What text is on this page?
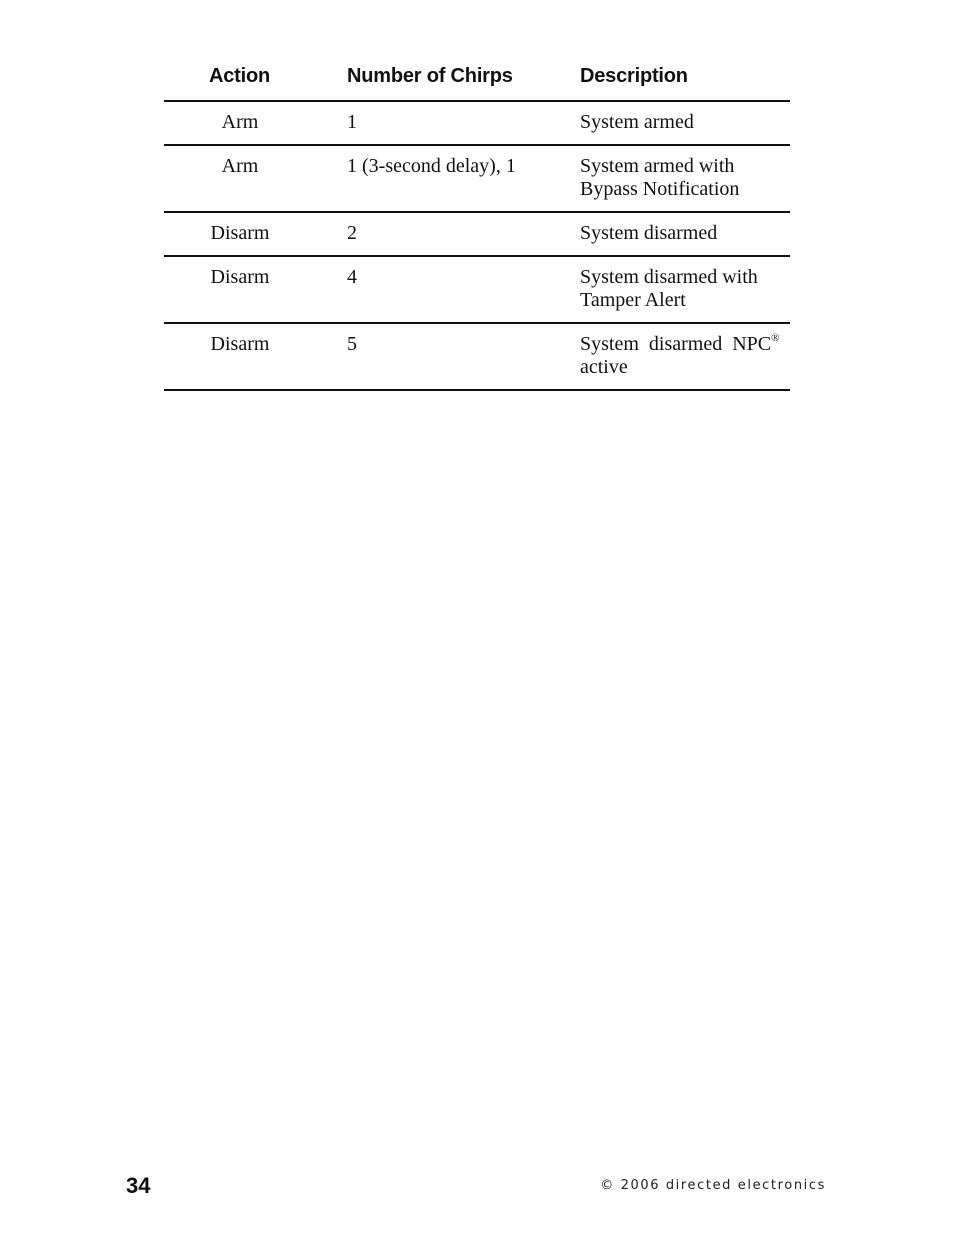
Action	Number of Chirps	Description
Arm	1	System armed
Arm	1 (3-second delay), 1	System armed with
Bypass Notification
Disarm	2	System disarmed
Disarm	4	System disarmed with
Tamper Alert
Disarm	5	System  disarmed  NPC®
active
34	© 2006 directed electronics
